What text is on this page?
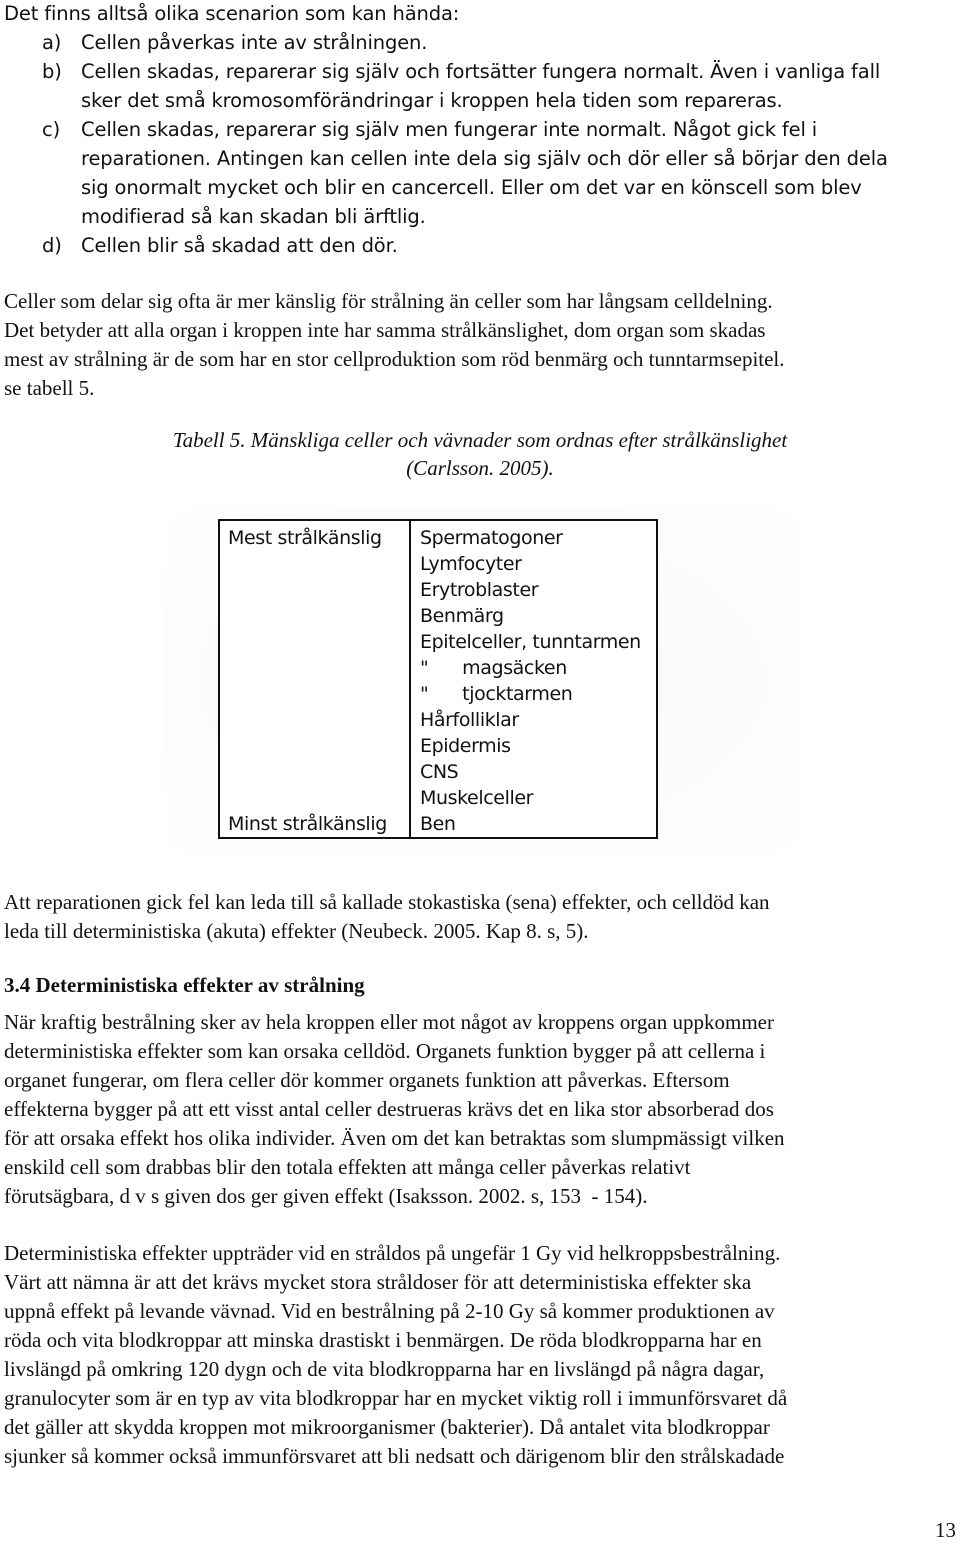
Det finns alltså olika scenarion som kan hända:
a) Cellen påverkas inte av strålningen.
b) Cellen skadas, reparerar sig själv och fortsätter fungera normalt. Även i vanliga fall
sker det små kromosomförändringar i kroppen hela tiden som repareras.
c) Cellen skadas, reparerar sig själv men fungerar inte normalt. Något gick fel i
reparationen. Antingen kan cellen inte dela sig själv och dör eller så börjar den dela
sig onormalt mycket och blir en cancercell. Eller om det var en könscell som blev
modifierad så kan skadan bli ärftlig.
d) Cellen blir så skadad att den dör.
Celler som delar sig ofta är mer känslig för strålning än celler som har långsam celldelning.
Det betyder att alla organ i kroppen inte har samma strålkänslighet, dom organ som skadas
mest av strålning är de som har en stor cellproduktion som röd benmärg och tunntarmsepitel.
se tabell 5.
Tabell 5. Mänskliga celler och vävnader som ordnas efter strålkänslighet
(Carlsson. 2005).
Mest strålkänslig
Minst strålkänslig
Spermatogoner
Lymfocyter
Erytroblaster
Benmärg
Epitelceller, tunntarmen
"      magsäcken
"      tjocktarmen
Hårfolliklar
Epidermis
CNS
Muskelceller
Ben
Att reparationen gick fel kan leda till så kallade stokastiska (sena) effekter, och celldöd kan
leda till deterministiska (akuta) effekter (Neubeck. 2005. Kap 8. s, 5).
3.4 Deterministiska effekter av strålning
När kraftig bestrålning sker av hela kroppen eller mot något av kroppens organ uppkommer
deterministiska effekter som kan orsaka celldöd. Organets funktion bygger på att cellerna i
organet fungerar, om flera celler dör kommer organets funktion att påverkas. Eftersom
effekterna bygger på att ett visst antal celler destrueras krävs det en lika stor absorberad dos
för att orsaka effekt hos olika individer. Även om det kan betraktas som slumpmässigt vilken
enskild cell som drabbas blir den totala effekten att många celler påverkas relativt
förutsägbara, d v s given dos ger given effekt (Isaksson. 2002. s, 153  - 154).
Deterministiska effekter uppträder vid en stråldos på ungefär 1 Gy vid helkroppsbestrålning.
Värt att nämna är att det krävs mycket stora stråldoser för att deterministiska effekter ska
uppnå effekt på levande vävnad. Vid en bestrålning på 2-10 Gy så kommer produktionen av
röda och vita blodkroppar att minska drastiskt i benmärgen. De röda blodkropparna har en
livslängd på omkring 120 dygn och de vita blodkropparna har en livslängd på några dagar,
granulocyter som är en typ av vita blodkroppar har en mycket viktig roll i immunförsvaret då
det gäller att skydda kroppen mot mikroorganismer (bakterier). Då antalet vita blodkroppar
sjunker så kommer också immunförsvaret att bli nedsatt och därigenom blir den strålskadade
13
